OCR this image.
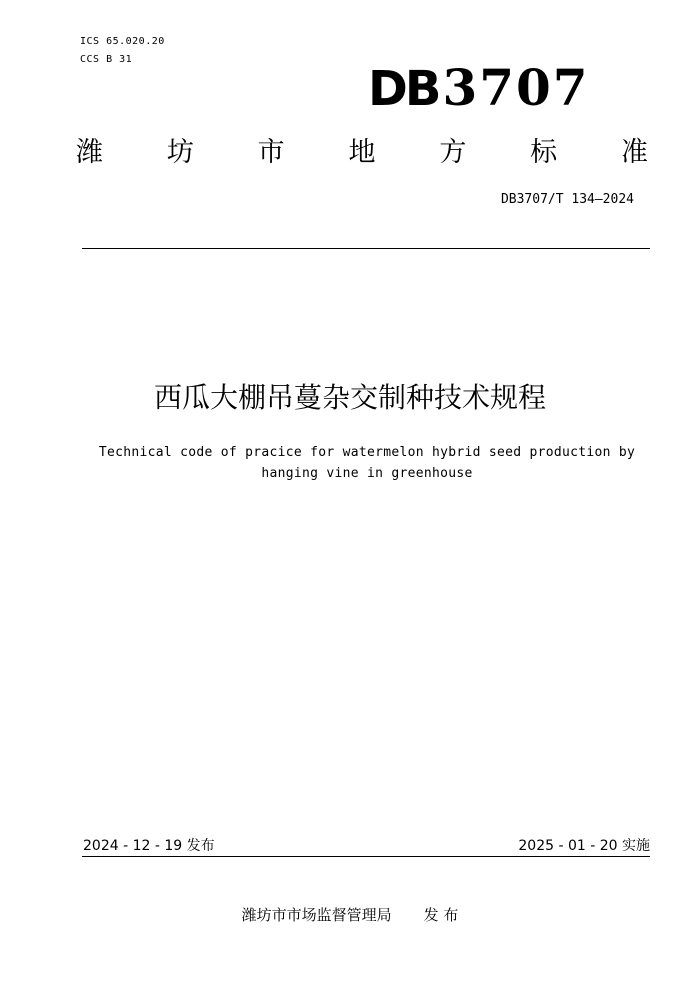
ICS 65.020.20
CCS B 31
DB3707
潍 坊 市 地 方 标 准
DB3707/T 134—2024
西瓜大棚吊蔓杂交制种技术规程
Technical code of pracice for watermelon hybrid seed production by
hanging vine in greenhouse
2024 - 12 - 19 发布	2025 - 01 - 20 实施
潍坊市市场监督管理局 发 布
